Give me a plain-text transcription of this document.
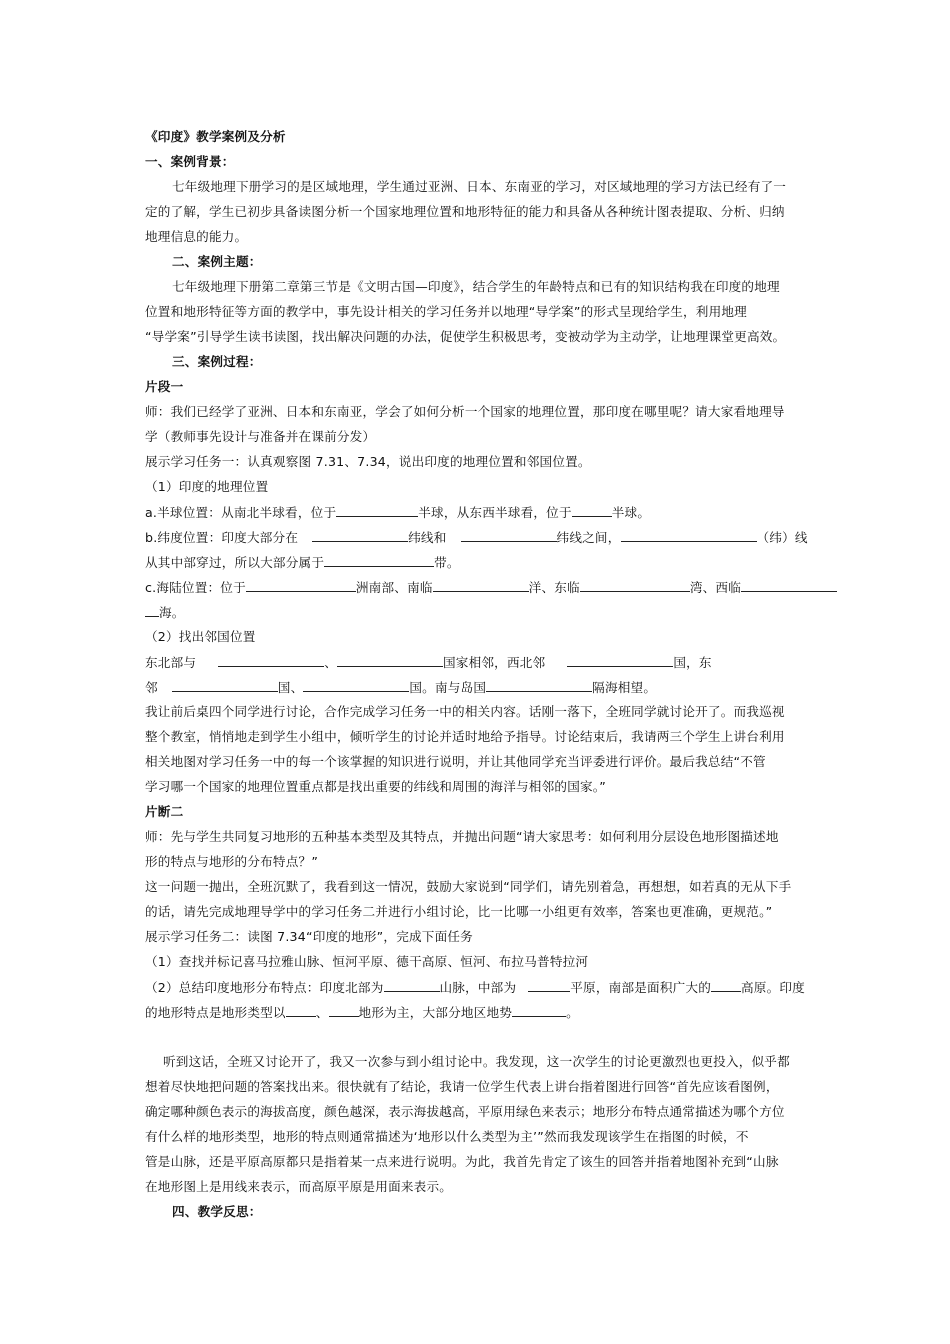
《印度》教学案例及分析
一、案例背景：
七年级地理下册学习的是区域地理，学生通过亚洲、日本、东南亚的学习，对区域地理的学习方法已经有了一
定的了解，学生已初步具备读图分析一个国家地理位置和地形特征的能力和具备从各种统计图表提取、分析、归纳
地理信息的能力。
二、案例主题：
七年级地理下册第二章第三节是《文明古国—印度》，结合学生的年龄特点和已有的知识结构我在印度的地理
位置和地形特征等方面的教学中，事先设计相关的学习任务并以地理“导学案”的形式呈现给学生，利用地理
“导学案”引导学生读书读图，找出解决问题的办法，促使学生积极思考，变被动学为主动学，让地理课堂更高效。
三、案例过程：
片段一
师：我们已经学了亚洲、日本和东南亚，学会了如何分析一个国家的地理位置，那印度在哪里呢？请大家看地理导
学（教师事先设计与准备并在课前分发）
展示学习任务一：认真观察图 7.31、7.34，说出印度的地理位置和邻国位置。
（1）印度的地理位置
a.半球位置：从南北半球看，位于	半球，从东西半球看，位于	半球。
b.纬度位置：印度大部分在	纬线和	纬线之间，	（纬）线
从其中部穿过，所以大部分属于	带。
c.海陆位置：位于	洲南部、南临	洋、东临	湾、西临
海。
（2）找出邻国位置
东北部与	、	国家相邻，西北邻	国，东
邻	国、	国。南与岛国	隔海相望。
我让前后桌四个同学进行讨论，合作完成学习任务一中的相关内容。话刚一落下，全班同学就讨论开了。而我巡视
整个教室，悄悄地走到学生小组中，倾听学生的讨论并适时地给予指导。讨论结束后，我请两三个学生上讲台利用
相关地图对学习任务一中的每一个该掌握的知识进行说明，并让其他同学充当评委进行评价。最后我总结“不管
学习哪一个国家的地理位置重点都是找出重要的纬线和周围的海洋与相邻的国家。”
片断二
师：先与学生共同复习地形的五种基本类型及其特点，并抛出问题“请大家思考：如何利用分层设色地形图描述地
形的特点与地形的分布特点？”
这一问题一抛出，全班沉默了，我看到这一情况，鼓励大家说到“同学们，请先别着急，再想想，如若真的无从下手
的话，请先完成地理导学中的学习任务二并进行小组讨论，比一比哪一小组更有效率，答案也更准确，更规范。”
展示学习任务二：读图 7.34“印度的地形”，完成下面任务
（1）查找并标记喜马拉雅山脉、恒河平原、德干高原、恒河、布拉马普特拉河
（2）总结印度地形分布特点：印度北部为	山脉，中部为	平原，南部是面积广大的 高原。印度
的地形特点是地形类型以 、 地形为主，大部分地区地势	。
听到这话，全班又讨论开了，我又一次参与到小组讨论中。我发现，这一次学生的讨论更激烈也更投入，似乎都
想着尽快地把问题的答案找出来。很快就有了结论，我请一位学生代表上讲台指着图进行回答“首先应该看图例，
确定哪种颜色表示的海拔高度，颜色越深，表示海拔越高，平原用绿色来表示；地形分布特点通常描述为哪个方位
有什么样的地形类型，地形的特点则通常描述为‘地形以什么类型为主’”然而我发现该学生在指图的时候，不
管是山脉，还是平原高原都只是指着某一点来进行说明。为此，我首先肯定了该生的回答并指着地图补充到“山脉
在地形图上是用线来表示，而高原平原是用面来表示。
四、教学反思：
